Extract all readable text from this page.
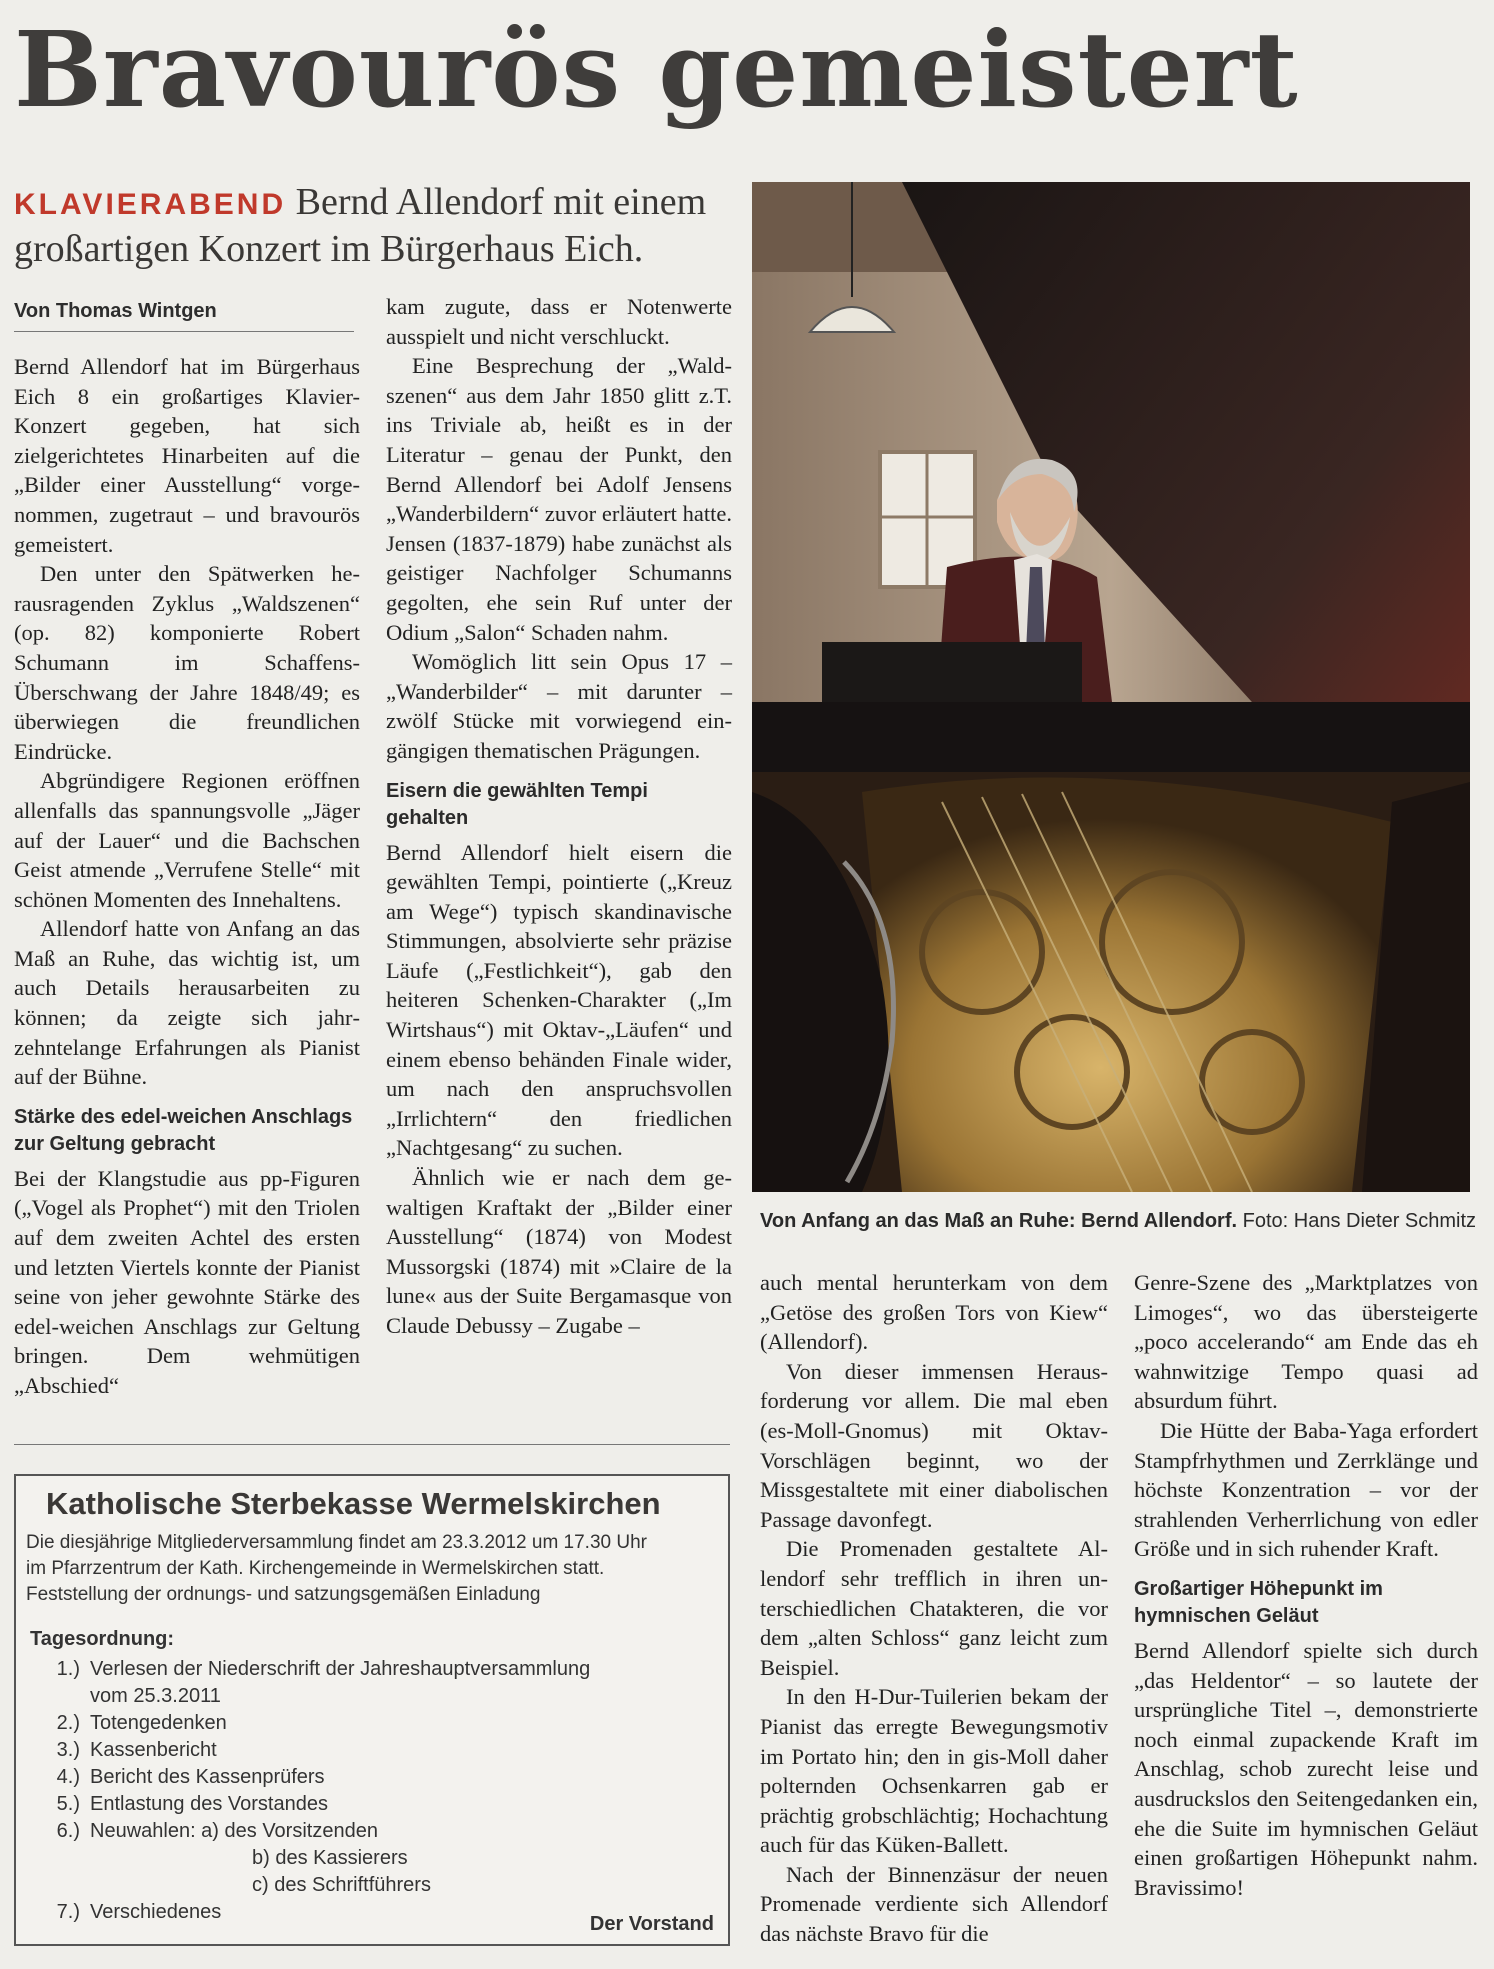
Bravourös gemeistert
KLAVIERABEND Bernd Allendorf mit einem großartigen Konzert im Bürgerhaus Eich.
Von Thomas Wintgen

Bernd Allendorf hat im Bürgerhaus Eich 8 ein großartiges Klavier-Konzert gegeben, hat sich zielgerichtetes Hinarbeiten auf die „Bilder einer Ausstellung“ vorgenommen, zugetraut – und bravourös gemeistert.

Den unter den Spätwerken herausragenden Zyklus „Waldszenen“ (op. 82) komponierte Robert Schumann im Schaffens-Überschwang der Jahre 1848/49; es überwiegen die freundlichen Eindrücke.

Abgründigere Regionen eröffnen allenfalls das spannungsvolle „Jäger auf der Lauer“ und die Bachschen Geist atmende „Verrufene Stelle“ mit schönen Momenten des Innehaltens.

Allendorf hatte von Anfang an das Maß an Ruhe, das wichtig ist, um auch Details herausarbeiten zu können; da zeigte sich jahrzehntelange Erfahrungen als Pianist auf der Bühne.

Stärke des edel-weichen Anschlags zur Geltung gebracht

Bei der Klangstudie aus pp-Figuren („Vogel als Prophet“) mit den Triolen auf dem zweiten Achtel des ersten und letzten Viertels konnte der Pianist seine von jeher gewohnte Stärke des edel-weichen Anschlags zur Geltung bringen. Dem wehmütigen „Abschied“

kam zugute, dass er Notenwerte ausspielt und nicht verschluckt.

Eine Besprechung der „Waldszenen“ aus dem Jahr 1850 glitt z.T. ins Triviale ab, heißt es in der Literatur – genau der Punkt, den Bernd Allendorf bei Adolf Jensens „Wanderbildern“ zuvor erläutert hatte. Jensen (1837-1879) habe zunächst als geistiger Nachfolger Schumanns gegolten, ehe sein Ruf unter der Odium „Salon“ Schaden nahm.

Womöglich litt sein Opus 17 – „Wanderbilder“ – mit darunter – zwölf Stücke mit vorwiegend eingängigen thematischen Prägungen.

Eisern die gewählten Tempi gehalten

Bernd Allendorf hielt eisern die gewählten Tempi, pointierte („Kreuz am Wege“) typisch skandinavische Stimmungen, absolvierte sehr präzise Läufe („Festlichkeit“), gab den heiteren Schenken-Charakter („Im Wirtshaus“) mit Oktav-„Läufen“ und einem ebenso behänden Finale wider, um nach den anspruchsvollen „Irrlichtern“ den friedlichen „Nachtgesang“ zu suchen.

Ähnlich wie er nach dem gewaltigen Kraftakt der „Bilder einer Ausstellung“ (1874) von Modest Mussorgski (1874) mit »Claire de la lune« aus der Suite Bergamasque von Claude Debussy – Zugabe –

Von Anfang an das Maß an Ruhe: Bernd Allendorf. Foto: Hans Dieter Schmitz

auch mental herunterkam von dem „Getöse des großen Tors von Kiew“ (Allendorf).

Von dieser immensen Herausforderung vor allem. Die mal eben (es-Moll-Gnomus) mit Oktav-Vorschlägen beginnt, wo der Missgestaltete mit einer diabolischen Passage davonfegt.

Die Promenaden gestaltete Allendorf sehr trefflich in ihren unterschiedlichen Chatakteren, die vor dem „alten Schloss“ ganz leicht zum Beispiel.

In den H-Dur-Tuilerien bekam der Pianist das erregte Bewegungsmotiv im Portato hin; den in gis-Moll daher polternden Ochsenkarren gab er prächtig grobschlächtig; Hochachtung auch für das Küken-Ballett.

Nach der Binnenzäsur der neuen Promenade verdiente sich Allendorf das nächste Bravo für die

Genre-Szene des „Marktplatzes von Limoges“, wo das übersteigerte „poco accelerando“ am Ende das eh wahnwitzige Tempo quasi ad absurdum führt.

Die Hütte der Baba-Yaga erfordert Stampfrhythmen und Zerrklänge und höchste Konzentration – vor der strahlenden Verherrlichung von edler Größe und in sich ruhender Kraft.

Großartiger Höhepunkt im hymnischen Geläut

Bernd Allendorf spielte sich durch „das Heldentor“ – so lautete der ursprüngliche Titel –, demonstrierte noch einmal zupackende Kraft im Anschlag, schob zurecht leise und ausdruckslos den Seitengedanken ein, ehe die Suite im hymnischen Geläut einen großartigen Höhepunkt nahm. Bravissimo!

Katholische Sterbekasse Wermelskirchen
Die diesjährige Mitgliederversammlung findet am 23.3.2012 um 17.30 Uhr
im Pfarrzentrum der Kath. Kirchengemeinde in Wermelskirchen statt.
Feststellung der ordnungs- und satzungsgemäßen Einladung
Tagesordnung:
1.) Verlesen der Niederschrift der Jahreshauptversammlung
vom 25.3.2011
2.) Totengedenken
3.) Kassenbericht
4.) Bericht des Kassenprüfers
5.) Entlastung des Vorstandes
6.) Neuwahlen: a) des Vorsitzenden
b) des Kassierers
c) des Schriftführers
7.) Verschiedenes
Der Vorstand
